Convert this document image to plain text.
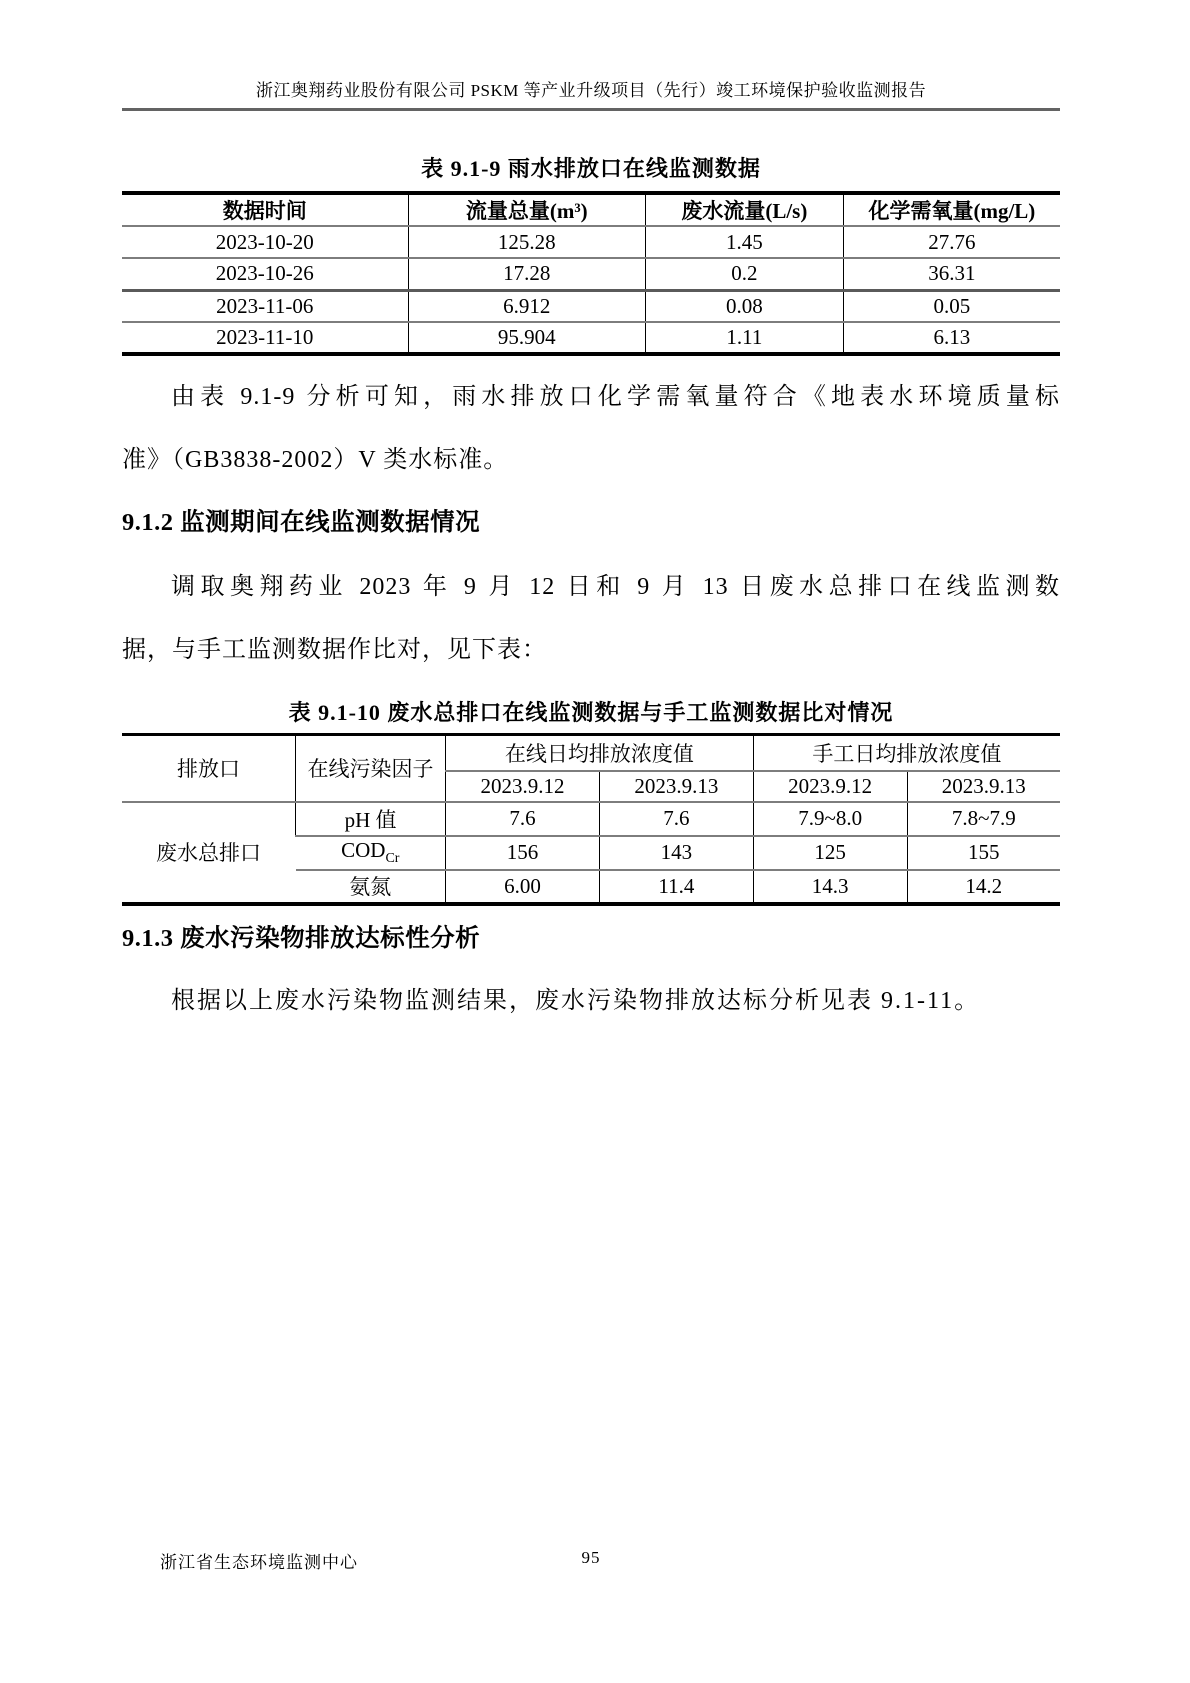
浙江奥翔药业股份有限公司 PSKM 等产业升级项目（先行）竣工环境保护验收监测报告
表 9.1-9 雨水排放口在线监测数据
数据时间	流量总量(m³)	废水流量(L/s)	化学需氧量(mg/L)
2023-10-20	125.28	1.45	27.76
2023-10-26	17.28	0.2	36.31
2023-11-06	6.912	0.08	0.05
2023-11-10	95.904	1.11	6.13
由表 9.1-9 分析可知，雨水排放口化学需氧量符合《地表水环境质量标
准》（GB3838-2002）V 类水标准。
9.1.2 监测期间在线监测数据情况
调取奥翔药业 2023 年 9 月 12 日和 9 月 13 日废水总排口在线监测数
据，与手工监测数据作比对，见下表：
表 9.1-10 废水总排口在线监测数据与手工监测数据比对情况
排放口	在线污染因子	在线日均排放浓度值		手工日均排放浓度值	
		2023.9.12	2023.9.13	2023.9.12	2023.9.13
废水总排口	pH 值	7.6	7.6	7.9~8.0	7.8~7.9
	$COD_{Cr}$	156	143	125	155
	氨氮	6.00	11.4	14.3	14.2
9.1.3 废水污染物排放达标性分析
根据以上废水污染物监测结果，废水污染物排放达标分析见表 9.1-11。
浙江省生态环境监测中心	95
